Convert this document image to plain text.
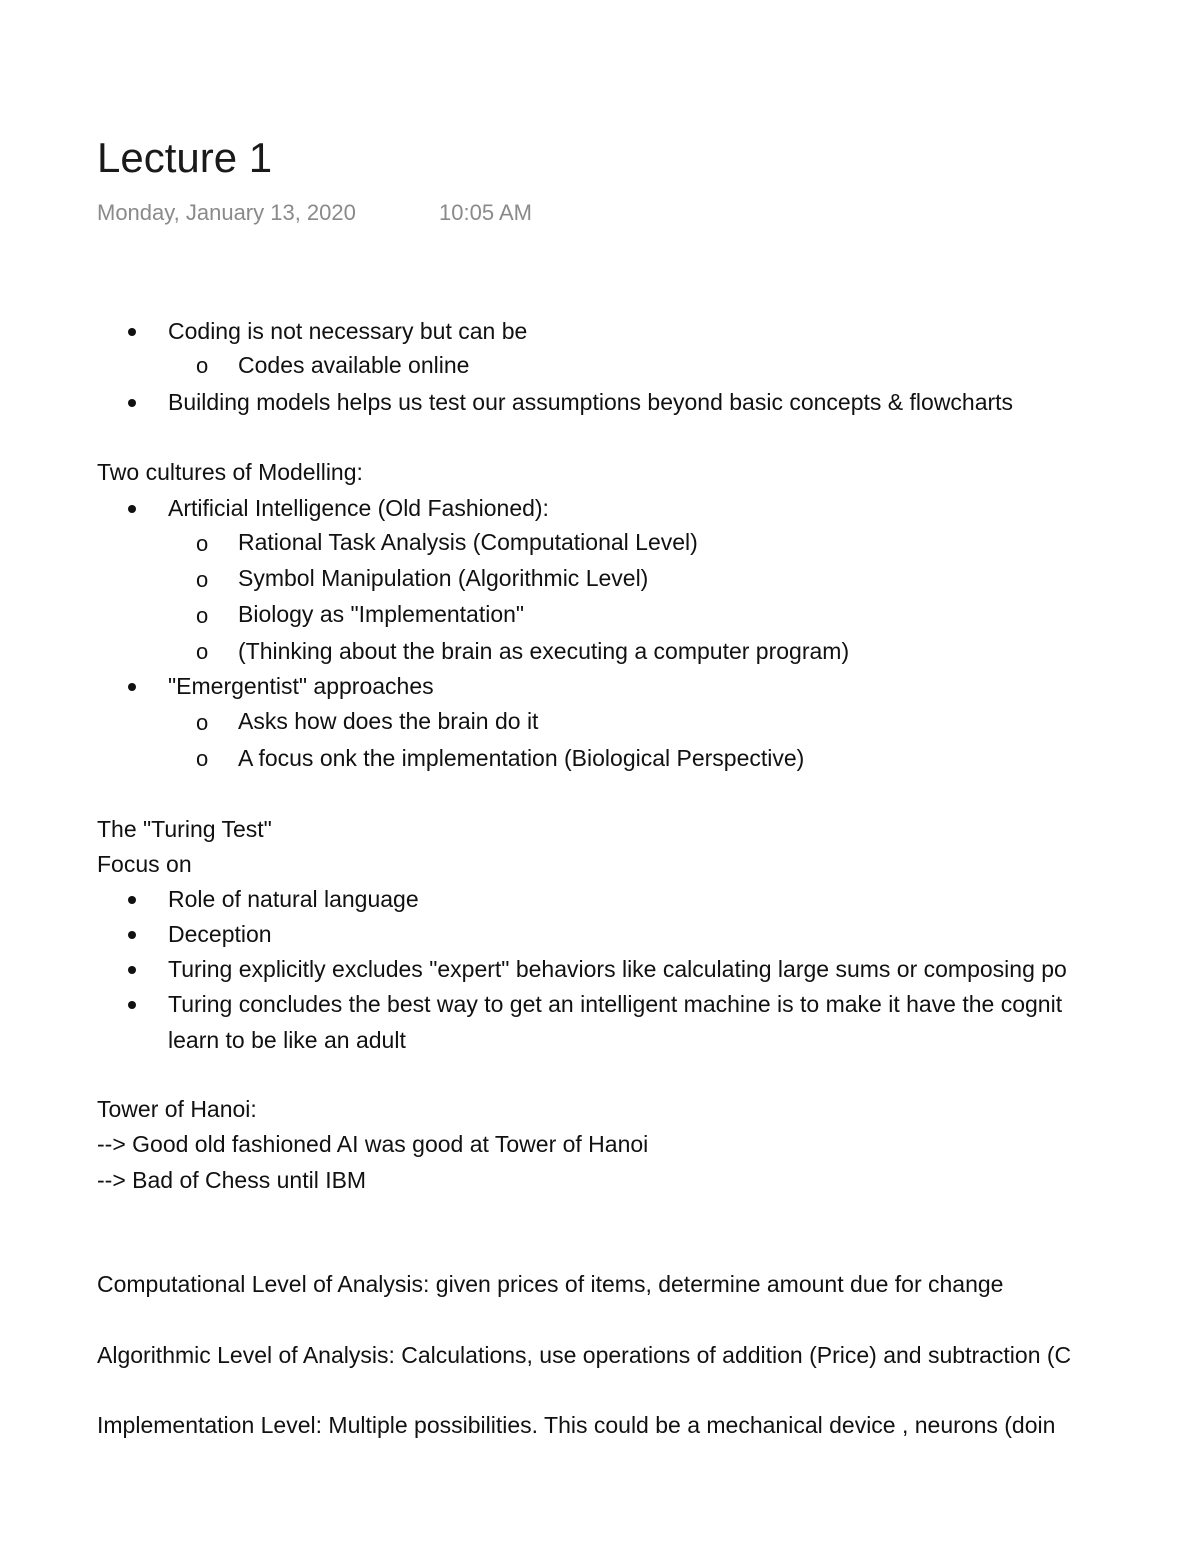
Lecture 1
Monday, January 13, 2020	10:05 AM
Coding is not necessary but can be
o Codes available online
Building models helps us test our assumptions beyond basic concepts & flowcharts
Two cultures of Modelling:
Artificial Intelligence (Old Fashioned):
o Rational Task Analysis (Computational Level)
o Symbol Manipulation (Algorithmic Level)
o Biology as "Implementation"
o (Thinking about the brain as executing a computer program)
"Emergentist" approaches
o Asks how does the brain do it
o A focus onk the implementation (Biological Perspective)
The "Turing Test"
Focus on
Role of natural language
Deception
Turing explicitly excludes "expert" behaviors like calculating large sums or composing po
Turing concludes the best way to get an intelligent machine is to make it have the cognit
learn to be like an adult
Tower of Hanoi:
--> Good old fashioned AI was good at Tower of Hanoi
--> Bad of Chess until IBM
Computational Level of Analysis: given prices of items, determine amount due for change
Algorithmic Level of Analysis: Calculations, use operations of addition (Price) and subtraction (C
Implementation Level: Multiple possibilities. This could be a mechanical device , neurons (doin
